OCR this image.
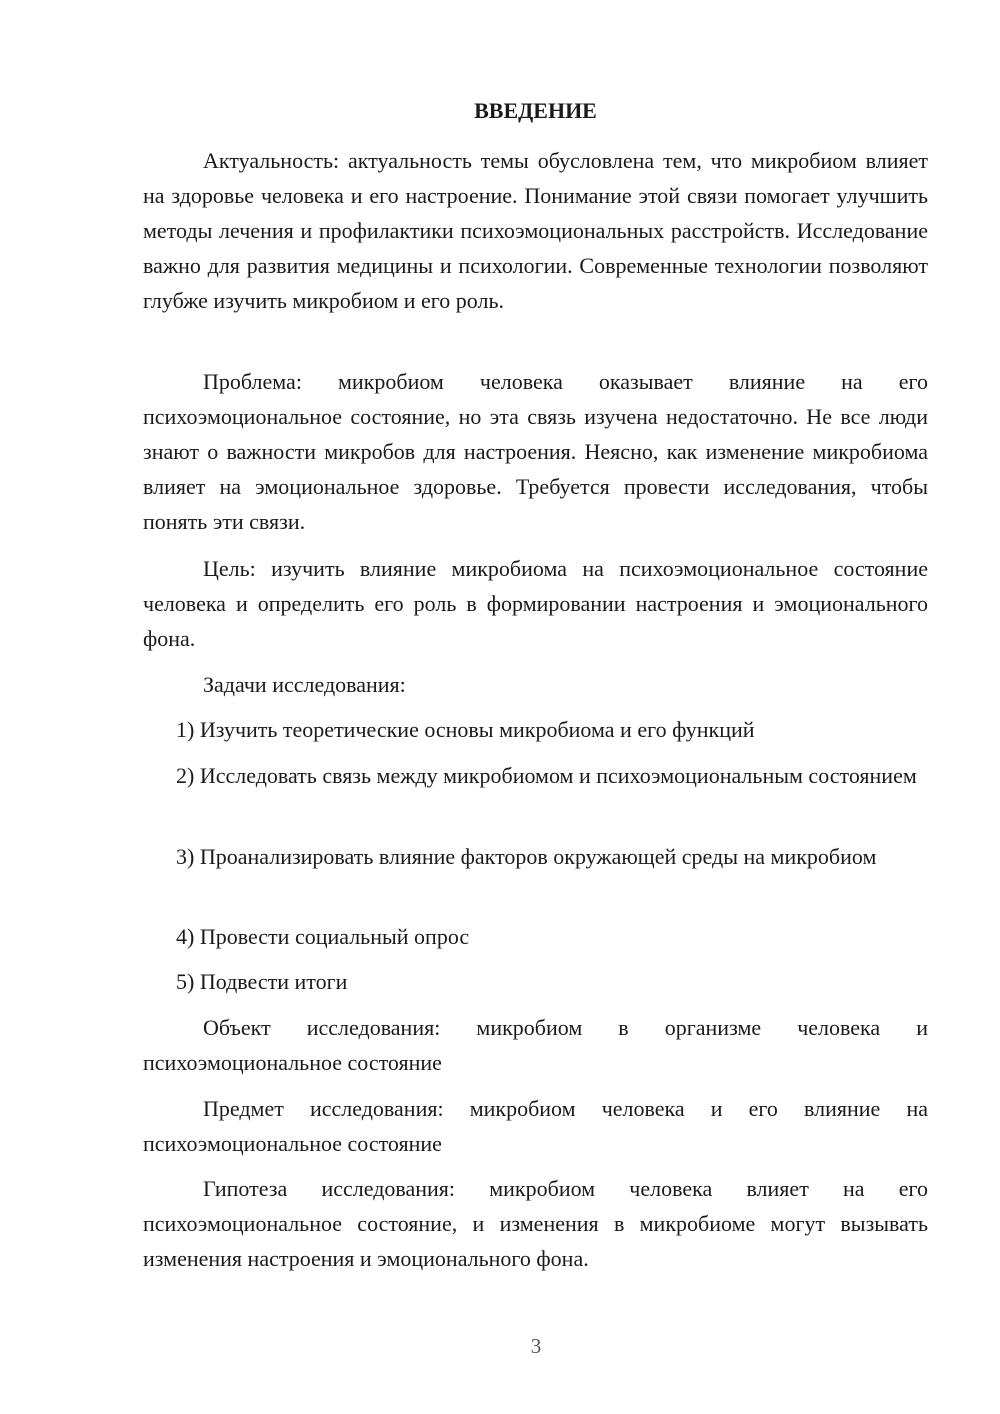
ВВЕДЕНИЕ

Актуальность: актуальность темы обусловлена тем, что микробиом влияет на здоровье человека и его настроение. Понимание этой связи помогает улучшить методы лечения и профилактики психоэмоциональных расстройств. Исследование важно для развития медицины и психологии. Современные технологии позволяют глубже изучить микробиом и его роль.

Проблема: микробиом человека оказывает влияние на его психоэмоциональное состояние, но эта связь изучена недостаточно. Не все люди знают о важности микробов для настроения. Неясно, как изменение микробиома влияет на эмоциональное здоровье. Требуется провести исследования, чтобы понять эти связи.

Цель: изучить влияние микробиома на психоэмоциональное состояние человека и определить его роль в формировании настроения и эмоционального фона.

Задачи исследования:

1) Изучить теоретические основы микробиома и его функций

2) Исследовать связь между микробиомом и психоэмоциональным состоянием

3) Проанализировать влияние факторов окружающей среды на микробиом

4) Провести социальный опрос

5) Подвести итоги

Объект исследования: микробиом в организме человека и психоэмоциональное состояние

Предмет исследования: микробиом человека и его влияние на психоэмоциональное состояние

Гипотеза исследования: микробиом человека влияет на его психоэмоциональное состояние, и изменения в микробиоме могут вызывать изменения настроения и эмоционального фона.

3
